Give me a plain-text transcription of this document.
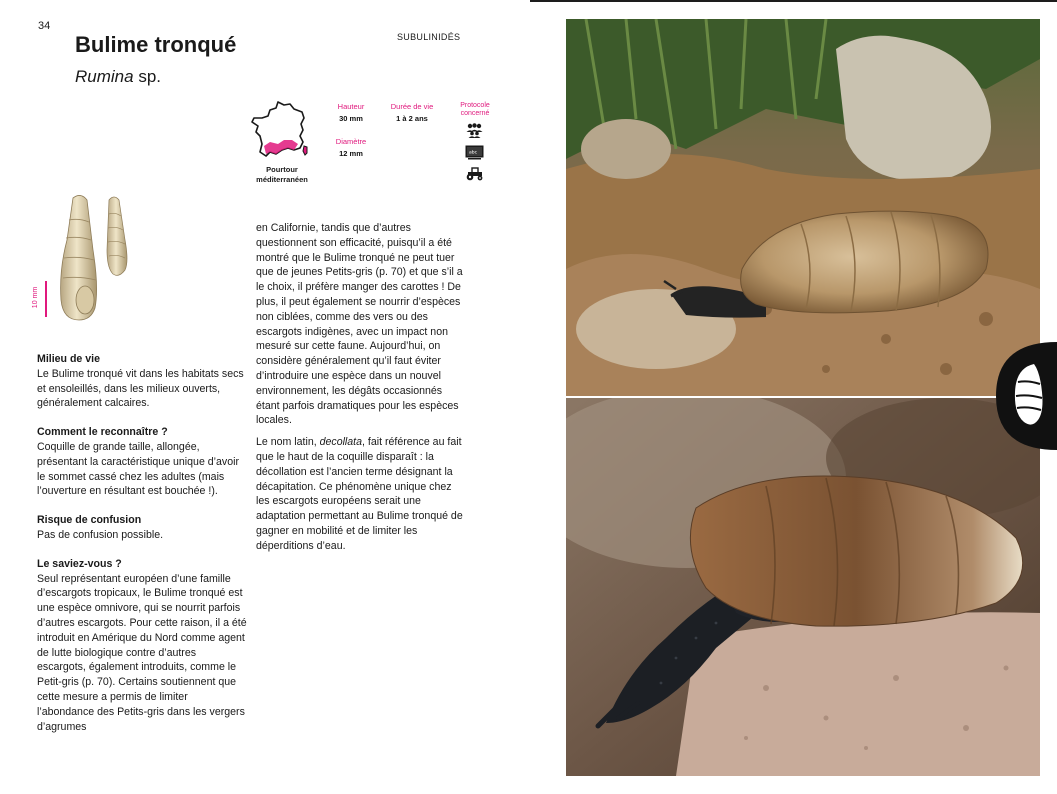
34
SUBULINIDÉS
Bulime tronqué
Rumina sp.
Pourtour
méditerranéen
Hauteur
30 mm
Durée de vie
1 à 2 ans
Diamètre
12 mm
Protocole
concerné
abc
10 mm
Milieu de vie

Le Bulime tronqué vit dans les habitats secs et ensoleillés, dans les milieux ouverts, généralement calcaires.

Comment le reconnaître ?

Coquille de grande taille, allongée, présentant la caractéristique unique d’avoir le sommet cassé chez les adultes (mais l’ouverture en résultant est bouchée !).

Risque de confusion

Pas de confusion possible.

Le saviez-vous ?

Seul représentant européen d’une famille d’escargots tropicaux, le Bulime tronqué est une espèce omnivore, qui se nourrit parfois d’autres escargots. Pour cette raison, il a été introduit en Amérique du Nord comme agent de lutte biologique contre d’autres escargots, également introduits, comme le Petit-gris (p. 70). Certains soutiennent que cette mesure a permis de limiter l’abondance des Petits-gris dans les vergers d’agrumes

en Californie, tandis que d’autres questionnent son efficacité, puisqu’il a été montré que le Bulime tronqué ne peut tuer que de jeunes Petits-gris (p. 70) et que s’il a le choix, il préfère manger des carottes ! De plus, il peut également se nourrir d’espèces non ciblées, comme des vers ou des escargots indigènes, avec un impact non mesuré sur cette faune. Aujourd’hui, on considère généralement qu’il faut éviter d’introduire une espèce dans un nouvel environnement, les dégâts occasionnés étant parfois dramatiques pour les espèces locales.

Le nom latin, decollata, fait référence au fait que le haut de la coquille disparaît : la décollation est l’ancien terme désignant la décapitation. Ce phénomène unique chez les escargots européens serait une adaptation permettant au Bulime tronqué de gagner en mobilité et de limiter les déperditions d’eau.
